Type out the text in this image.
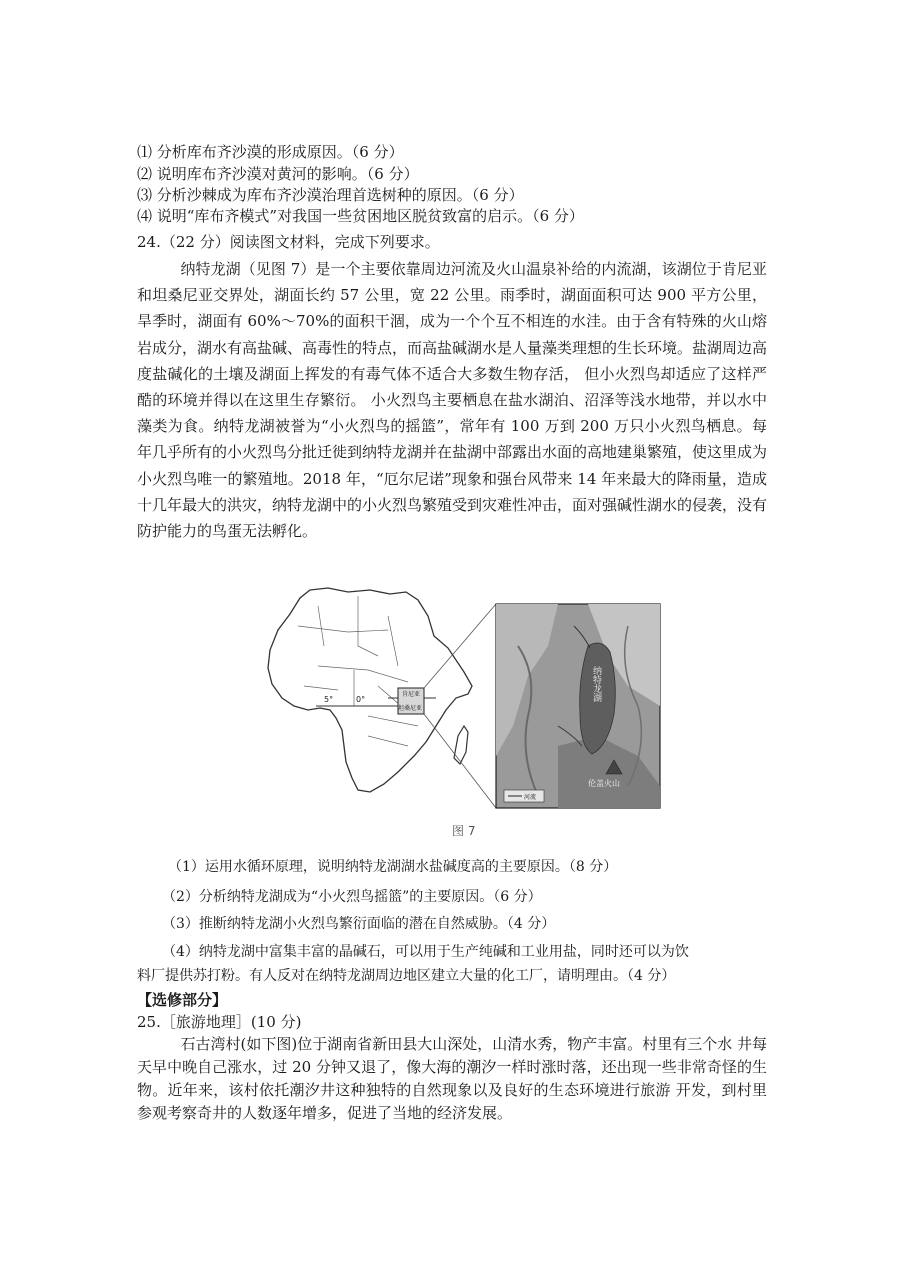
⑴ 分析库布齐沙漠的形成原因。（6 分）
⑵ 说明库布齐沙漠对黄河的影响。（6 分）
⑶ 分析沙棘成为库布齐沙漠治理首选树种的原因。（6 分）
⑷ 说明“库布齐模式”对我国一些贫困地区脱贫致富的启示。（6 分）
24.（22 分）阅读图文材料，完成下列要求。
纳特龙湖（见图 7）是一个主要依靠周边河流及火山温泉补给的内流湖，该湖位于肯尼亚和坦桑尼亚交界处，湖面长约 57 公里，宽 22 公里。雨季时，湖面面积可达 900 平方公里，旱季时，湖面有 60%～70%的面积干涸，成为一个个互不相连的水洼。由于含有特殊的火山熔岩成分，湖水有高盐碱、高毒性的特点，而高盐碱湖水是人量藻类理想的生长环境。盐湖周边高度盐碱化的土壤及湖面上挥发的有毒气体不适合大多数生物存活， 但小火烈鸟却适应了这样严酷的环境并得以在这里生存繁衍。 小火烈鸟主要栖息在盐水湖泊、沼泽等浅水地带，并以水中藻类为食。纳特龙湖被誉为“小火烈鸟的摇篮”，常年有 100 万到 200 万只小火烈鸟栖息。每年几乎所有的小火烈鸟分批迁徙到纳特龙湖并在盐湖中部露出水面的高地建巢繁殖，使这里成为小火烈鸟唯一的繁殖地。2018 年，“厄尔尼诺”现象和强台风带来 14 年来最大的降雨量，造成十几年最大的洪灾，纳特龙湖中的小火烈鸟繁殖受到灾难性冲击，面对强碱性湖水的侵袭，没有防护能力的鸟蛋无法孵化。
5°	0°
肯尼亚
坦桑尼亚
纳特龙湖
伦盖火山
河流
图 7
（1）运用水循环原理，说明纳特龙湖湖水盐碱度高的主要原因。（8 分）
（2）分析纳特龙湖成为“小火烈鸟摇篮”的主要原因。（6 分）
（3）推断纳特龙湖小火烈鸟繁衍面临的潜在自然威胁。（4 分）
（4）纳特龙湖中富集丰富的晶碱石，可以用于生产纯碱和工业用盐，同时还可以为饮
料厂提供苏打粉。有人反对在纳特龙湖周边地区建立大量的化工厂，请明理由。（4 分）
【选修部分】
25.［旅游地理］(10 分)
石古湾村(如下图)位于湖南省新田县大山深处，山清水秀，物产丰富。村里有三个水 井每天早中晚自己涨水，过 20 分钟又退了，像大海的潮汐一样时涨时落，还出现一些非常奇怪的生物。近年来，该村依托潮汐井这种独特的自然现象以及良好的生态环境进行旅游 开发，到村里参观考察奇井的人数逐年增多，促进了当地的经济发展。
